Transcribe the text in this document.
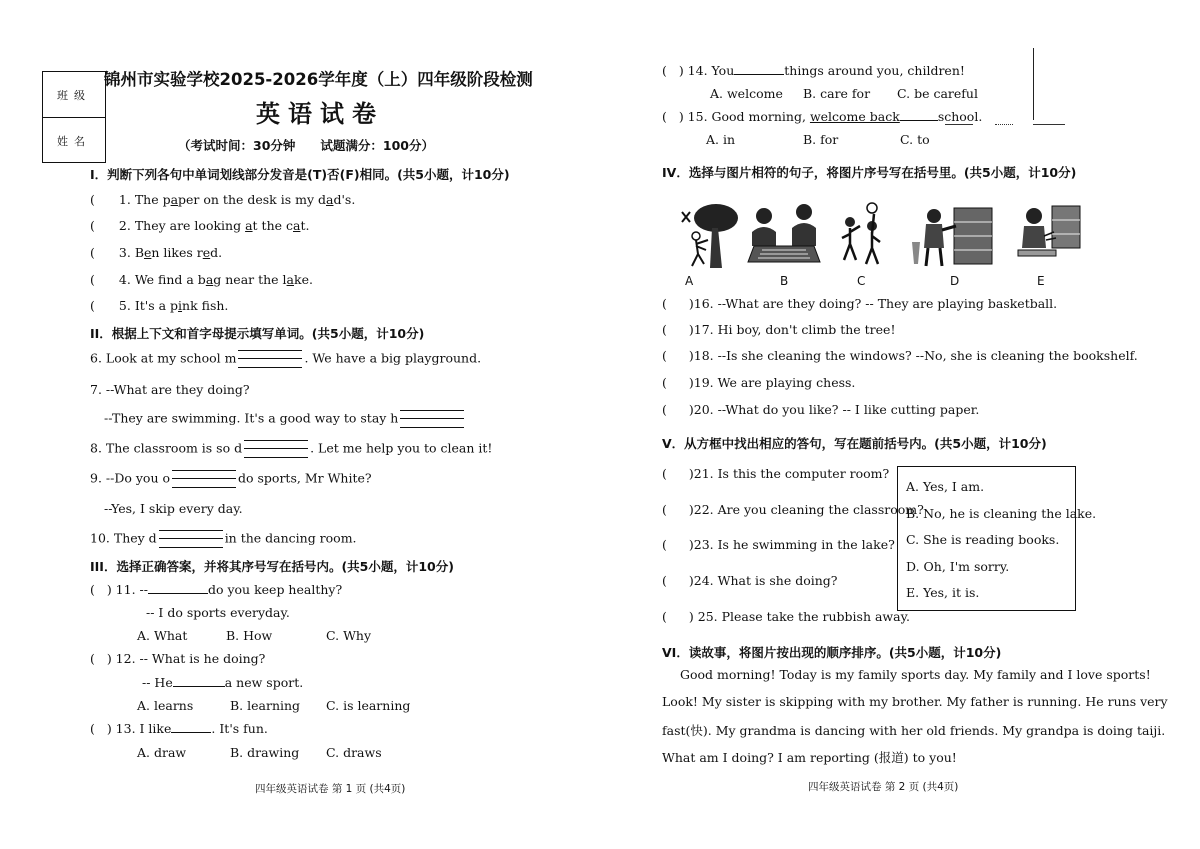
班级
姓名
锦州市实验学校2025-2026学年度（上）四年级阶段检测
英语试卷
（考试时间：30分钟　　试题满分：100分）
I．判断下列各句中单词划线部分发音是(T)否(F)相同。(共5小题，计10分)
( 1. The paper on the desk is my dad's.
( 2. They are looking at the cat.
( 3. Ben likes red.
( 4. We find a bag near the lake.
( 5. It's a pink fsh.
II．根据上下文和首字母提示填写单词。(共5小题，计10分)
6. Look at my school m	. We have a big playground.
7. --What are they doing?
--They are swimming. It's a good way to stay h
8. The classroom is so d	. Let me help you to clean it!
9. --Do you o	do sports, Mr White?
--Yes, I skip every day.
10. They d	in the dancing room.
III．选择正确答案，并将其序号写在括号内。(共5小题，计10分)
( ) 11. --	do you keep healthy?
-- I do sports everyday.
A. What	B. How	C. Why
( ) 12. -- What is he doing?
-- He	a new sport.
A. learns	B. learning C. is learning
( ) 13. I like	. It's fun.
A. draw	B. drawing C. draws
四年级英语试卷 第 1 页 (共4页)
( ) 14. You	things around you, children!
A. welcome B. care for C. be careful
( ) 15. Good morning, welcome back	school.
A. in	B. for	C. to
IV．选择与图片相符的句子，将图片序号写在括号里。(共5小题，计10分)
A	B	C	D	E
( )16. --What are they doing? -- They are playing basketball.
( )17. Hi boy, don't climb the tree!
( )18. --Is she cleaning the windows? --No, she is cleaning the bookshelf.
( )19. We are playing chess.
( )20. --What do you like? -- I like cutting paper.
V．从方框中找出相应的答句，写在题前括号内。(共5小题，计10分)
( )21. Is this the computer room?
( )22. Are you cleaning the classroom?
( )23. Is he swimming in the lake?
( )24. What is she doing?
( ) 25. Please take the rubbish away.
A. Yes, I am.
B. No, he is cleaning the lake.
C. She is reading books.
D. Oh, I'm sorry.
E. Yes, it is.
VI．读故事，将图片按出现的顺序排序。(共5小题，计10分)
Good morning! Today is my family sports day. My family and I love sports!
Look! My sister is skipping with my brother. My father is running. He runs very
fast(快). My grandma is dancing with her old friends. My grandpa is doing taiji.
What am I doing? I am reporting (报道) to you!
四年级英语试卷 第 2 页 (共4页)
